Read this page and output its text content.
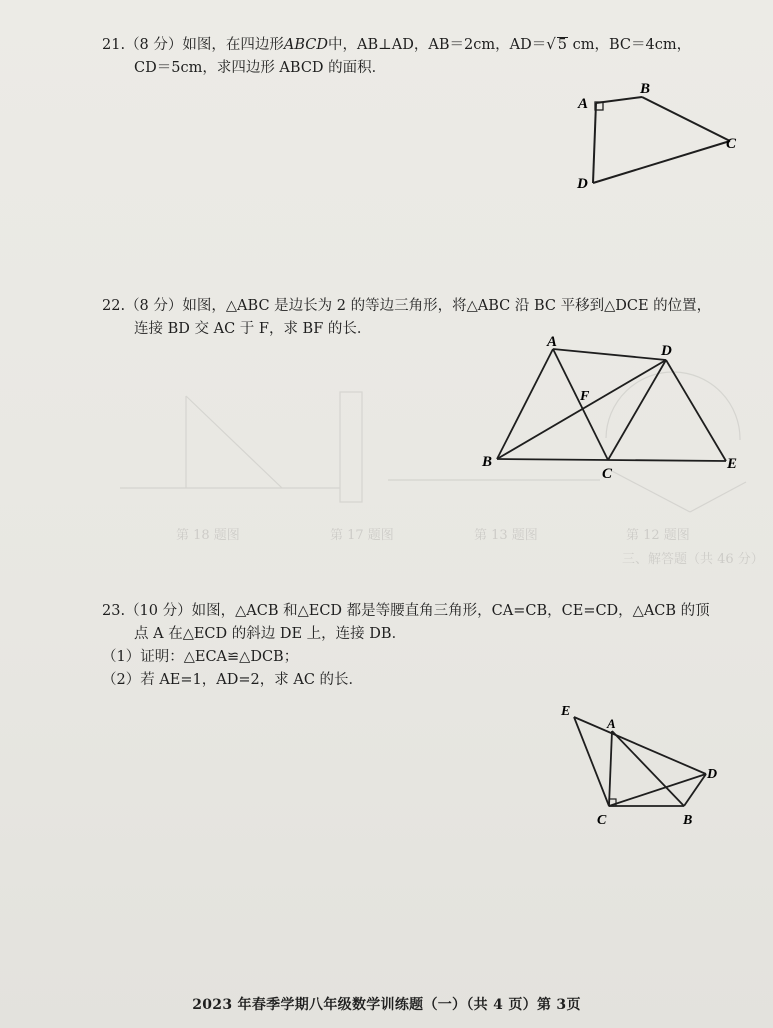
第 18 题图	第 17 题图	第 13 题图	第 12 题图
三、解答题（共 46 分）
21.（8 分）如图，在四边形ABCD中，AB⊥AD，AB＝2cm，AD＝√ 5 cm，BC＝4cm，
CD＝5cm，求四边形 ABCD 的面积．
A
B
C
D
22.（8 分）如图，△ABC 是边长为 2 的等边三角形，将△ABC 沿 BC 平移到△DCE 的位置，
连接 BD 交 AC 于 F，求 BF 的长．
A
D
F
B
C
E
23.（10 分）如图，△ACB 和△ECD 都是等腰直角三角形，CA=CB，CE=CD，△ACB 的顶
点 A 在△ECD 的斜边 DE 上，连接 DB．
（1）证明：△ECA≌△DCB；
（2）若 AE=1，AD=2，求 AC 的长．
E
A
D
C	B
2023 年春季学期八年级数学训练题（一）（共 4 页）第 3页
